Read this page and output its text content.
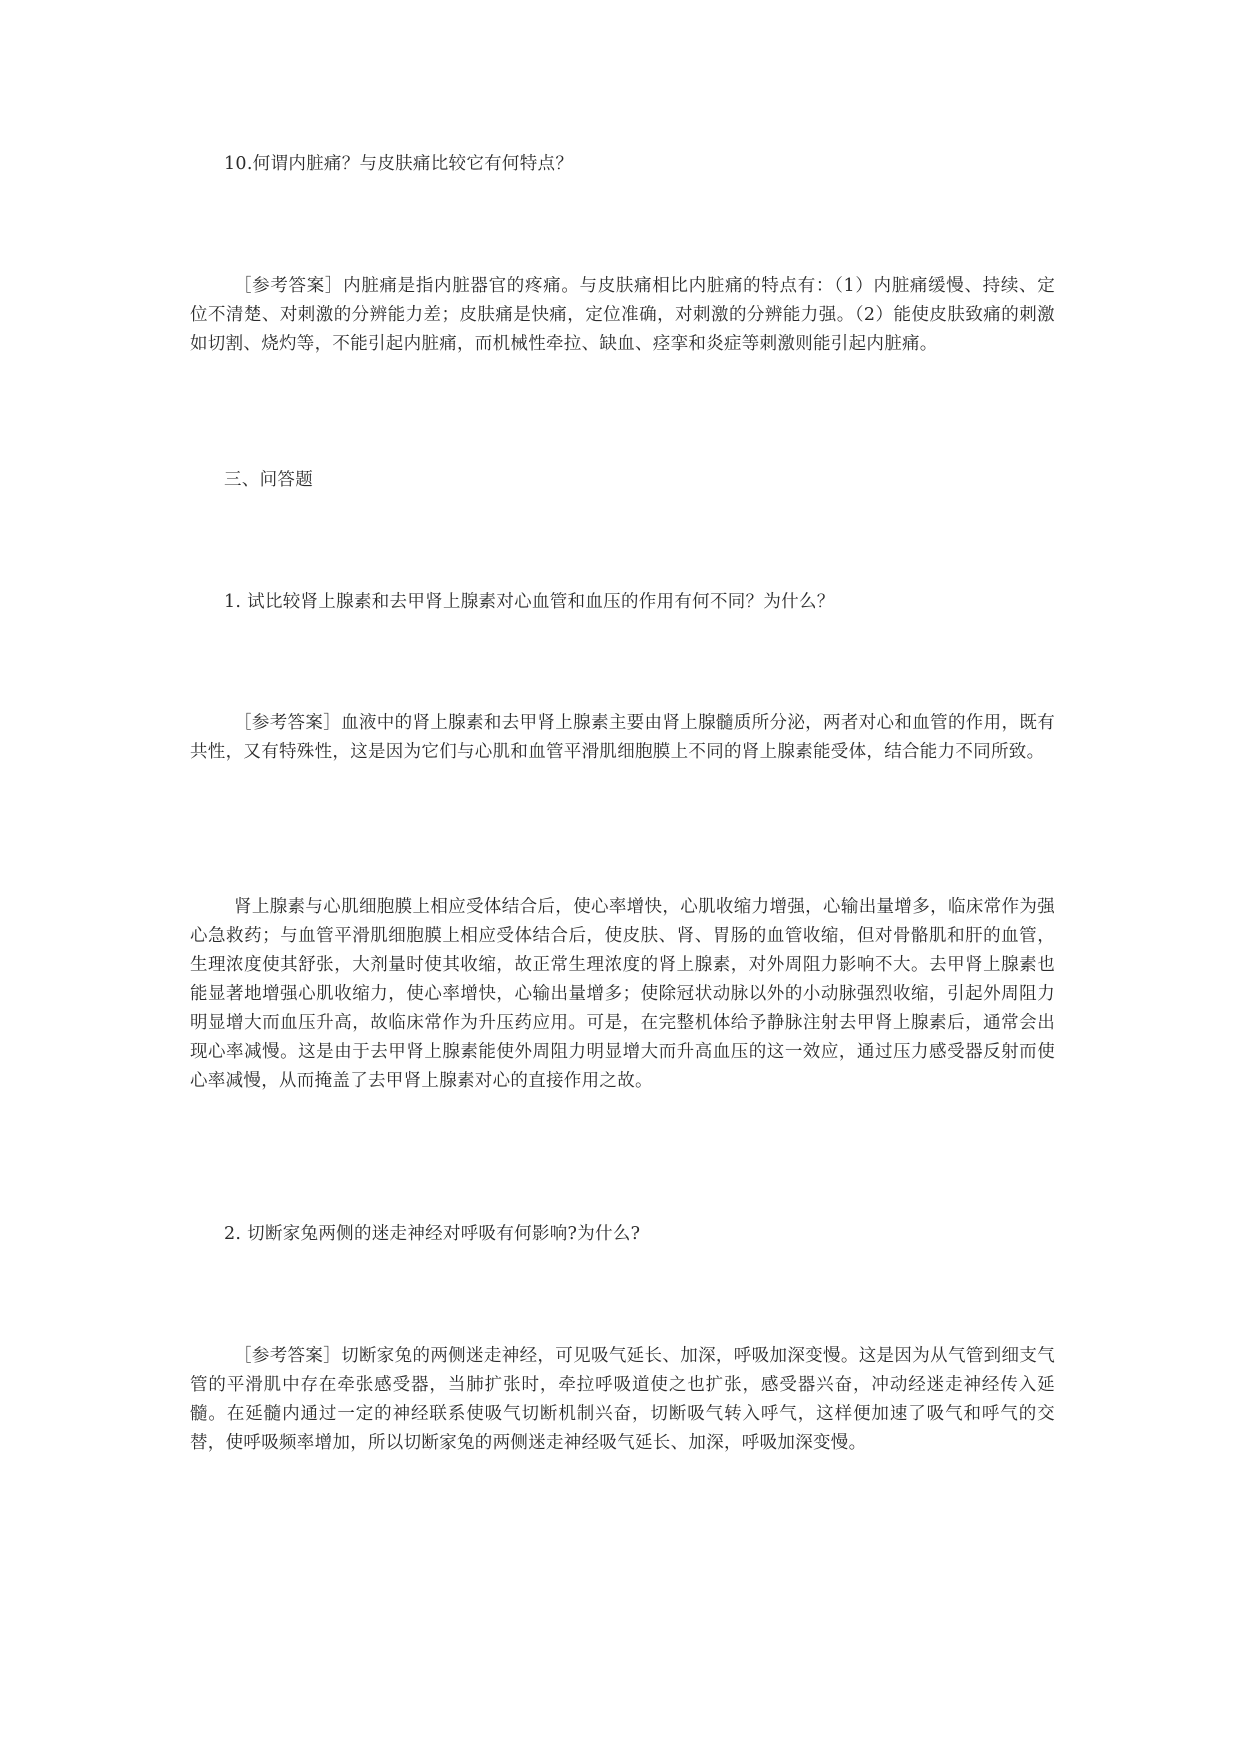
10.何谓内脏痛？与皮肤痛比较它有何特点？

［参考答案］内脏痛是指内脏器官的疼痛。与皮肤痛相比内脏痛的特点有：（1）内脏痛缓慢、持续、定位不清楚、对刺激的分辨能力差；皮肤痛是快痛，定位准确，对刺激的分辨能力强。（2）能使皮肤致痛的刺激如切割、烧灼等，不能引起内脏痛，而机械性牵拉、缺血、痉挛和炎症等刺激则能引起内脏痛。

三、问答题

1. 试比较肾上腺素和去甲肾上腺素对心血管和血压的作用有何不同？为什么？

［参考答案］血液中的肾上腺素和去甲肾上腺素主要由肾上腺髓质所分泌，两者对心和血管的作用，既有共性，又有特殊性，这是因为它们与心肌和血管平滑肌细胞膜上不同的肾上腺素能受体，结合能力不同所致。

肾上腺素与心肌细胞膜上相应受体结合后，使心率增快，心肌收缩力增强，心输出量增多，临床常作为强心急救药；与血管平滑肌细胞膜上相应受体结合后，使皮肤、肾、胃肠的血管收缩，但对骨骼肌和肝的血管，生理浓度使其舒张，大剂量时使其收缩，故正常生理浓度的肾上腺素，对外周阻力影响不大。去甲肾上腺素也能显著地增强心肌收缩力，使心率增快，心输出量增多；使除冠状动脉以外的小动脉强烈收缩，引起外周阻力明显增大而血压升高，故临床常作为升压药应用。可是，在完整机体给予静脉注射去甲肾上腺素后，通常会出现心率减慢。这是由于去甲肾上腺素能使外周阻力明显增大而升高血压的这一效应，通过压力感受器反射而使心率减慢，从而掩盖了去甲肾上腺素对心的直接作用之故。

2. 切断家兔两侧的迷走神经对呼吸有何影响?为什么?

［参考答案］切断家兔的两侧迷走神经，可见吸气延长、加深，呼吸加深变慢。这是因为从气管到细支气管的平滑肌中存在牵张感受器，当肺扩张时，牵拉呼吸道使之也扩张，感受器兴奋，冲动经迷走神经传入延髓。在延髓内通过一定的神经联系使吸气切断机制兴奋，切断吸气转入呼气，这样便加速了吸气和呼气的交替，使呼吸频率增加，所以切断家兔的两侧迷走神经吸气延长、加深，呼吸加深变慢。
